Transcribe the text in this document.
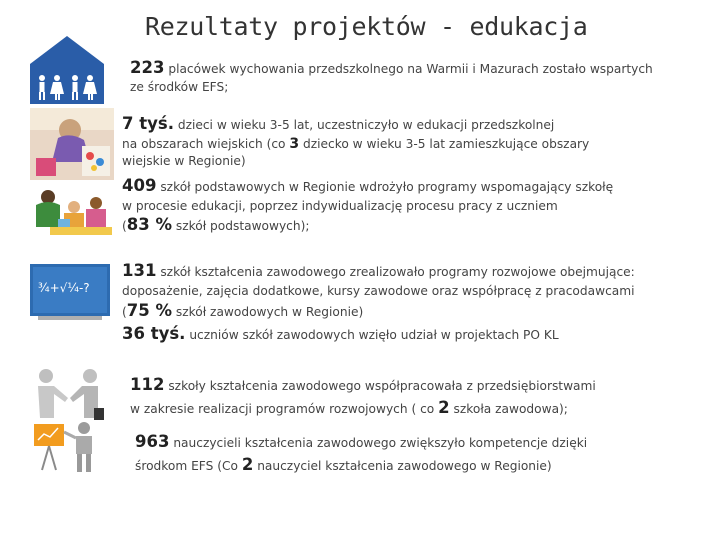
Rezultaty projektów - edukacja
¾+√¼-?
223 placówek wychowania przedszkolnego na Warmii i Mazurach zostało wspartych
ze środków EFS;
7 tyś. dzieci w wieku 3-5 lat, uczestniczyło w edukacji przedszkolnej
na obszarach wiejskich (co 3 dziecko w wieku 3-5 lat zamieszkujące obszary
wiejskie w Regionie)
409 szkół podstawowych w Regionie wdrożyło programy wspomagający szkołę
w procesie edukacji, poprzez indywidualizację procesu pracy z uczniem
(83 % szkół podstawowych);
131 szkół kształcenia zawodowego zrealizowało programy rozwojowe obejmujące:
doposażenie, zajęcia dodatkowe, kursy zawodowe oraz współpracę z pracodawcami
(75 % szkół zawodowych w Regionie)
36 tyś. uczniów szkół zawodowych wzięło udział w projektach PO KL
112 szkoły kształcenia zawodowego współpracowała z przedsiębiorstwami
w zakresie realizacji programów rozwojowych ( co 2 szkoła zawodowa);
963 nauczycieli kształcenia zawodowego zwiększyło kompetencje dzięki
środkom EFS (Co 2 nauczyciel kształcenia zawodowego w Regionie)
